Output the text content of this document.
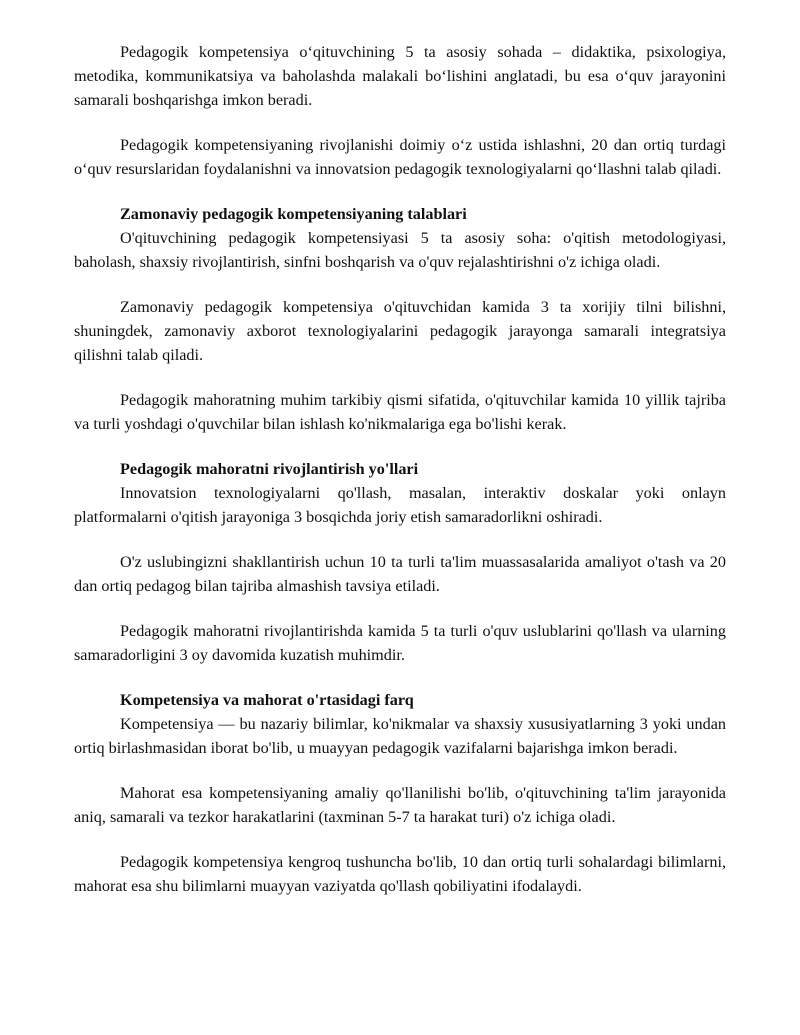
Pedagogik kompetensiya o‘qituvchining 5 ta asosiy sohada – didaktika, psixologiya, metodika, kommunikatsiya va baholashda malakali bo‘lishini anglatadi, bu esa o‘quv jarayonini samarali boshqarishga imkon beradi.

Pedagogik kompetensiyaning rivojlanishi doimiy o‘z ustida ishlashni, 20 dan ortiq turdagi o‘quv resurslaridan foydalanishni va innovatsion pedagogik texnologiyalarni qo‘llashni talab qiladi.

Zamonaviy pedagogik kompetensiyaning talablari

O'qituvchining pedagogik kompetensiyasi 5 ta asosiy soha: o'qitish metodologiyasi, baholash, shaxsiy rivojlantirish, sinfni boshqarish va o'quv rejalashtirishni o'z ichiga oladi.

Zamonaviy pedagogik kompetensiya o'qituvchidan kamida 3 ta xorijiy tilni bilishni, shuningdek, zamonaviy axborot texnologiyalarini pedagogik jarayonga samarali integratsiya qilishni talab qiladi.

Pedagogik mahoratning muhim tarkibiy qismi sifatida, o'qituvchilar kamida 10 yillik tajriba va turli yoshdagi o'quvchilar bilan ishlash ko'nikmalariga ega bo'lishi kerak.

Pedagogik mahoratni rivojlantirish yo'llari

Innovatsion texnologiyalarni qo'llash, masalan, interaktiv doskalar yoki onlayn platformalarni o'qitish jarayoniga 3 bosqichda joriy etish samaradorlikni oshiradi.

O'z uslubingizni shakllantirish uchun 10 ta turli ta'lim muassasalarida amaliyot o'tash va 20 dan ortiq pedagog bilan tajriba almashish tavsiya etiladi.

Pedagogik mahoratni rivojlantirishda kamida 5 ta turli o'quv uslublarini qo'llash va ularning samaradorligini 3 oy davomida kuzatish muhimdir.

Kompetensiya va mahorat o'rtasidagi farq

Kompetensiya — bu nazariy bilimlar, ko'nikmalar va shaxsiy xususiyatlarning 3 yoki undan ortiq birlashmasidan iborat bo'lib, u muayyan pedagogik vazifalarni bajarishga imkon beradi.

Mahorat esa kompetensiyaning amaliy qo'llanilishi bo'lib, o'qituvchining ta'lim jarayonida aniq, samarali va tezkor harakatlarini (taxminan 5-7 ta harakat turi) o'z ichiga oladi.

Pedagogik kompetensiya kengroq tushuncha bo'lib, 10 dan ortiq turli sohalardagi bilimlarni, mahorat esa shu bilimlarni muayyan vaziyatda qo'llash qobiliyatini ifodalaydi.
